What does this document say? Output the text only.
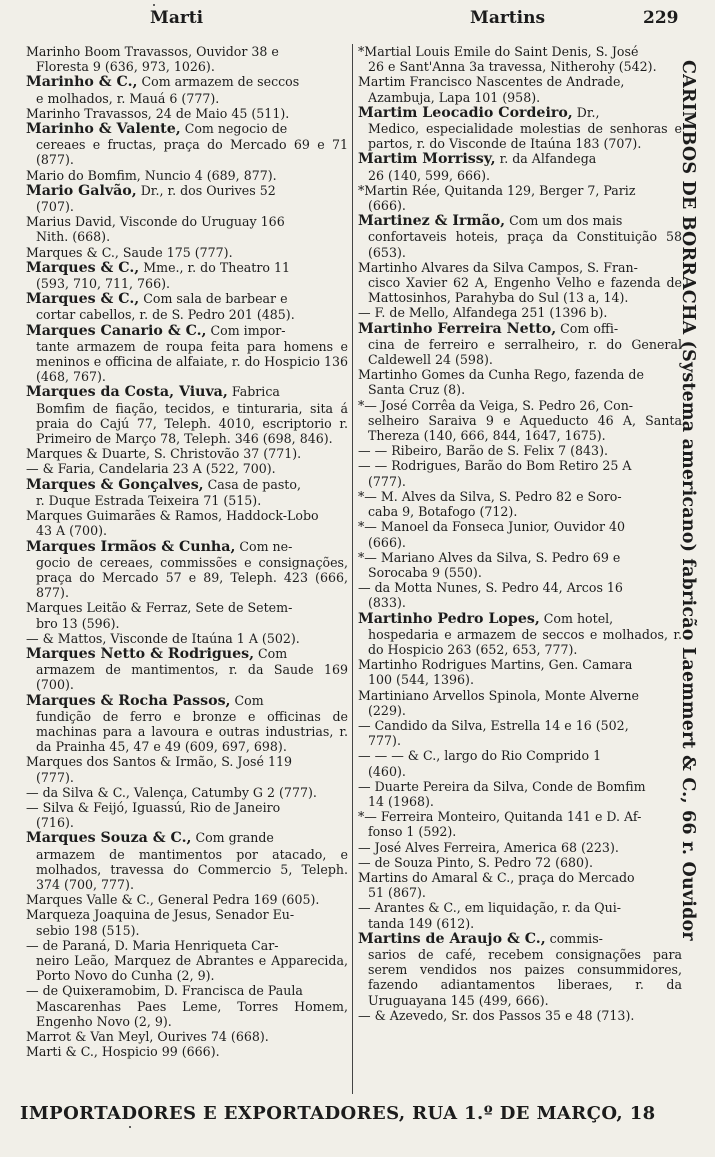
Marti	Martins	229

Marinho Boom Travassos, Ouvidor 38 e

Floresta 9 (636, 973, 1026).

Marinho & C., Com armazem de seccos

e molhados, r. Mauá 6 (777).

Marinho Travassos, 24 de Maio 45 (511).

Marinho & Valente, Com negocio de

cereaes e fructas, praça do Mercado 69 e 71 (877).

Mario do Bomfim, Nuncio 4 (689, 877).

Mario Galvão, Dr., r. dos Ourives 52

(707).

Marius David, Visconde do Uruguay 166

Nith. (668).

Marques & C., Saude 175 (777).

Marques & C., Mme., r. do Theatro 11

(593, 710, 711, 766).

Marques & C., Com sala de barbear e

cortar cabellos, r. de S. Pedro 201 (485).

Marques Canario & C., Com impor-

tante armazem de roupa feita para homens e meninos e officina de alfaiate, r. do Hospicio 136 (468, 767).

Marques da Costa, Viuva, Fabrica

Bomfim de fiação, tecidos, e tinturaria, sita á praia do Cajú 77, Teleph. 4010, escriptorio r. Primeiro de Março 78, Teleph. 346 (698, 846).

Marques & Duarte, S. Christovão 37 (771).

— & Faria, Candelaria 23 A (522, 700).

Marques & Gonçalves, Casa de pasto,

r. Duque Estrada Teixeira 71 (515).

Marques Guimarães & Ramos, Haddock-Lobo

43 A (700).

Marques Irmãos & Cunha, Com ne-

gocio de cereaes, commissões e consignações, praça do Mercado 57 e 89, Teleph. 423 (666, 877).

Marques Leitão & Ferraz, Sete de Setem-

bro 13 (596).

— & Mattos, Visconde de Itaúna 1 A (502).

Marques Netto & Rodrigues, Com

armazem de mantimentos, r. da Saude 169 (700).

Marques & Rocha Passos, Com

fundição de ferro e bronze e officinas de machinas para a lavoura e outras industrias, r. da Prainha 45, 47 e 49 (609, 697, 698).

Marques dos Santos & Irmão, S. José 119

(777).

— da Silva & C., Valença, Catumby G 2 (777).

— Silva & Feijó, Iguassú, Rio de Janeiro

(716).

Marques Souza & C., Com grande

armazem de mantimentos por atacado, e molhados, travessa do Commercio 5, Teleph. 374 (700, 777).

Marques Valle & C., General Pedra 169 (605).

Marqueza Joaquina de Jesus, Senador Eu-

sebio 198 (515).

— de Paraná, D. Maria Henriqueta Car-

neiro Leão, Marquez de Abrantes e Apparecida, Porto Novo do Cunha (2, 9).

— de Quixeramobim, D. Francisca de Paula

Mascarenhas Paes Leme, Torres Homem, Engenho Novo (2, 9).

Marrot & Van Meyl, Ourives 74 (668).

Marti & C., Hospicio 99 (666).

*Martial Louis Emile do Saint Denis, S. José

26 e Sant'Anna 3a travessa, Nitherohy (542).

Martim Francisco Nascentes de Andrade,

Azambuja, Lapa 101 (958).

Martim Leocadio Cordeiro, Dr.,

Medico, especialidade molestias de senhoras e partos, r. do Visconde de Itaúna 183 (707).

Martim Morrissy, r. da Alfandega

26 (140, 599, 666).

*Martin Rée, Quitanda 129, Berger 7, Pariz

(666).

Martinez & Irmão, Com um dos mais

confortaveis hoteis, praça da Constituição 58 (653).

Martinho Alvares da Silva Campos, S. Fran-

cisco Xavier 62 A, Engenho Velho e fazenda de Mattosinhos, Parahyba do Sul (13 a, 14).

— F. de Mello, Alfandega 251 (1396 b).

Martinho Ferreira Netto, Com offi-

cina de ferreiro e serralheiro, r. do General Caldewell 24 (598).

Martinho Gomes da Cunha Rego, fazenda de

Santa Cruz (8).

*— José Corrêa da Veiga, S. Pedro 26, Con-

selheiro Saraiva 9 e Aqueducto 46 A, Santa Thereza (140, 666, 844, 1647, 1675).

— — Ribeiro, Barão de S. Felix 7 (843).

— — Rodrigues, Barão do Bom Retiro 25 A

(777).

*— M. Alves da Silva, S. Pedro 82 e Soro-

caba 9, Botafogo (712).

*— Manoel da Fonseca Junior, Ouvidor 40

(666).

*— Mariano Alves da Silva, S. Pedro 69 e

Sorocaba 9 (550).

— da Motta Nunes, S. Pedro 44, Arcos 16

(833).

Martinho Pedro Lopes, Com hotel,

hospedaria e armazem de seccos e molhados, r. do Hospicio 263 (652, 653, 777).

Martinho Rodrigues Martins, Gen. Camara

100 (544, 1396).

Martiniano Arvellos Spinola, Monte Alverne

(229).

— Candido da Silva, Estrella 14 e 16 (502,

777).

— — — & C., largo do Rio Comprido 1

(460).

— Duarte Pereira da Silva, Conde de Bomfim

14 (1968).

*— Ferreira Monteiro, Quitanda 141 e D. Af-

fonso 1 (592).

— José Alves Ferreira, America 68 (223).

— de Souza Pinto, S. Pedro 72 (680).

Martins do Amaral & C., praça do Mercado

51 (867).

— Arantes & C., em liquidação, r. da Qui-

tanda 149 (612).

Martins de Araujo & C., commis-

sarios de café, recebem consignações para serem vendidos nos paizes consummidores, fazendo adiantamentos liberaes, r. da Uruguayana 145 (499, 666).

— & Azevedo, Sr. dos Passos 35 e 48 (713).

CARIMBOS DE BORRACHA (Systema americano) fabricão Laemmert & C., 66 r. Ouvidor
IMPORTADORES E EXPORTADORES, RUA 1.º DE MARÇO, 18
